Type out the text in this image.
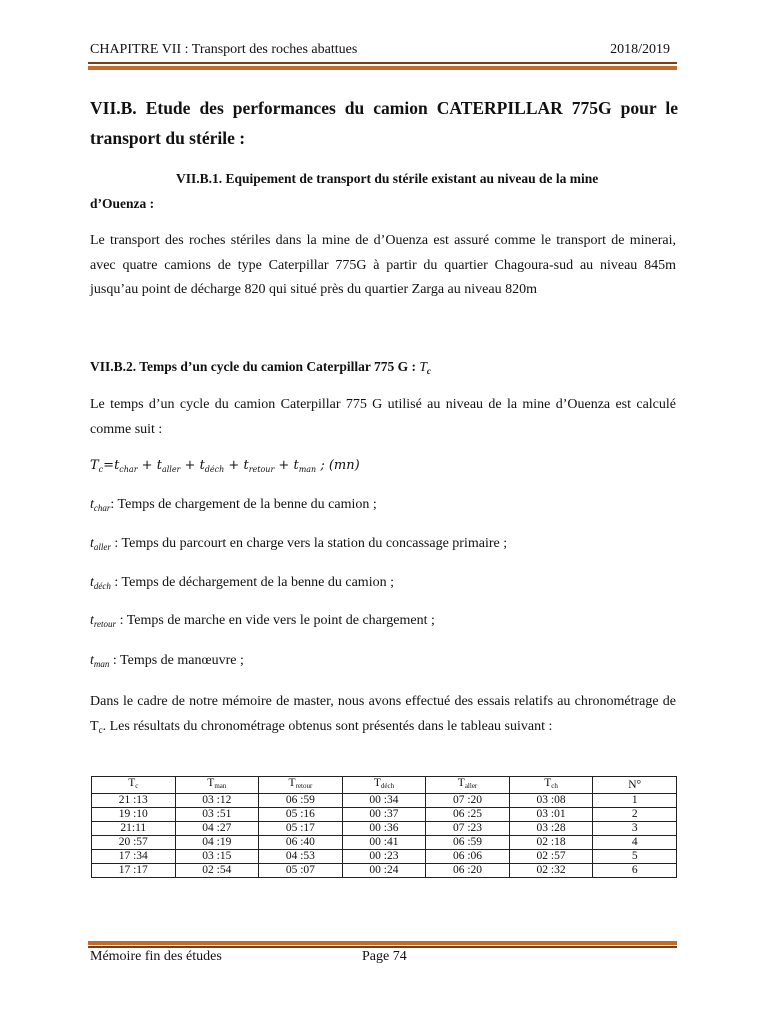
CHAPITRE VII : Transport des roches abattues	2018/2019
VII.B. Etude des performances du camion CATERPILLAR 775G pour le transport du stérile :
VII.B.1. Equipement de transport du stérile existant au niveau de la mine
d’Ouenza :
Le transport des roches stériles dans la mine de d’Ouenza est assuré comme le transport de minerai, avec quatre camions de type Caterpillar 775G à partir du quartier Chagoura-sud au niveau 845m jusqu’au point de décharge 820 qui situé près du quartier Zarga au niveau 820m
VII.B.2. Temps d’un cycle du camion Caterpillar 775 G : $T_c$
Le temps d’un cycle du camion Caterpillar 775 G utilisé au niveau de la mine d’Ouenza est calculé comme suit :
$T_c=t_{char} + t_{aller} + t_{déch} + t_{retour} + t_{man}$ ; (mn)
$t_{char}$: Temps de chargement de la benne du camion ;
$t_{aller}$ : Temps du parcourt en charge vers la station du concassage primaire ;
$t_{déch}$ : Temps de déchargement de la benne du camion ;
$t_{retour}$ : Temps de marche en vide vers le point de chargement ;
$t_{man}$ : Temps de manœuvre ;
Dans le cadre de notre mémoire de master, nous avons effectué des essais relatifs au chronométrage de $T_c$. Les résultats du chronométrage obtenus sont présentés dans le tableau suivant :
Tc	Tman	Tretour	Tdéch	Taller	Tch	N°
21 :13	03 :12	06 :59	00 :34	07 :20	03 :08	1
19 :10	03 :51	05 :16	00 :37	06 :25	03 :01	2
21:11	04 :27	05 :17	00 :36	07 :23	03 :28	3
20 :57	04 :19	06 :40	00 :41	06 :59	02 :18	4
17 :34	03 :15	04 :53	00 :23	06 :06	02 :57	5
17 :17	02 :54	05 :07	00 :24	06 :20	02 :32	6
Mémoire fin des études	Page 74
